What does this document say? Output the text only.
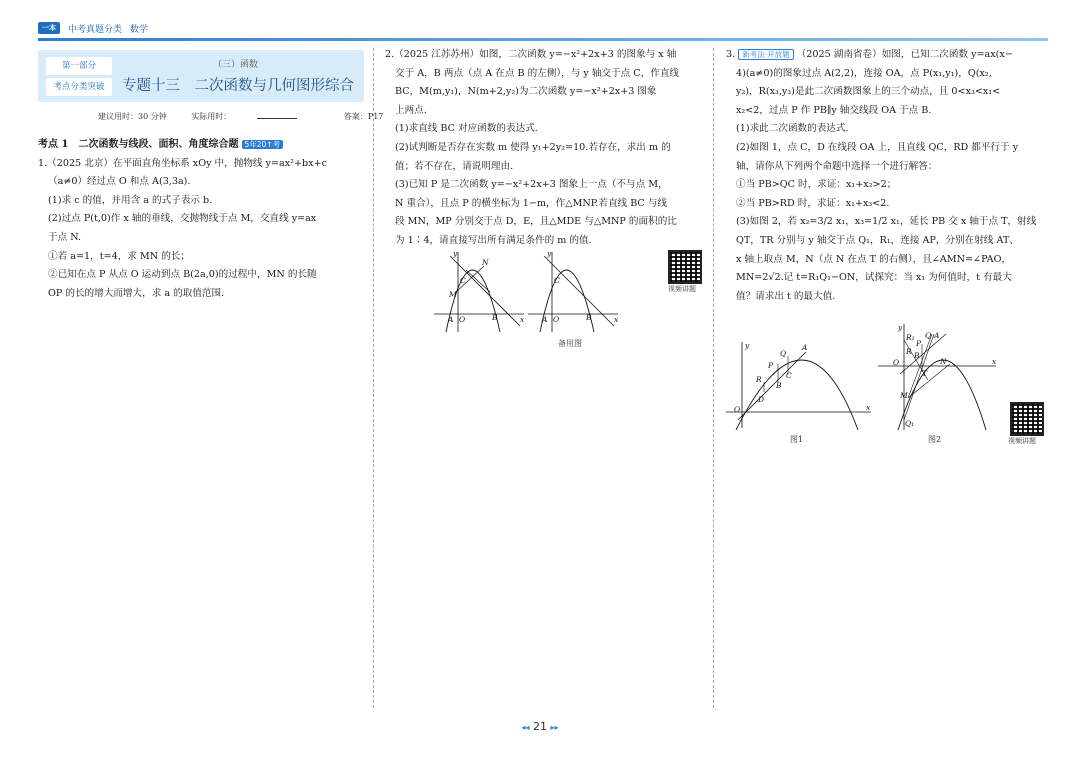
一本	中考真题分类 数学
第一部分
考点分类突破
（三）函数
专题十三　二次函数与几何图形综合
建议用时：30 分钟	实际用时：	答案：P17

考点 1　二次函数与线段、面积、角度综合题 5年20↑考

1.（2025 北京）在平面直角坐标系 xOy 中，抛物线 y=ax²+bx+c

（a≠0）经过点 O 和点 A(3,3a).

(1)求 c 的值，并用含 a 的式子表示 b.

(2)过点 P(t,0)作 x 轴的垂线，交抛物线于点 M，交直线 y=ax

于点 N.

①若 a=1，t=4，求 MN 的长；

②已知在点 P 从点 O 运动到点 B(2a,0)的过程中，MN 的长随

OP 的长的增大而增大，求 a 的取值范围.

2.（2025 江苏苏州）如图，二次函数 y=−x²+2x+3 的图象与 x 轴

交于 A，B 两点（点 A 在点 B 的左侧），与 y 轴交于点 C，作直线

BC，M(m,y₁)，N(m+2,y₂)为二次函数 y=−x²+2x+3 图象

上两点.

(1)求直线 BC 对应函数的表达式.

(2)试判断是否存在实数 m 使得 y₁+2y₂=10.若存在，求出 m 的

值；若不存在，请说明理由.

(3)已知 P 是二次函数 y=−x²+2x+3 图象上一点（不与点 M，

N 重合），且点 P 的横坐标为 1−m，作△MNP.若直线 BC 与线

段 MN，MP 分别交于点 D，E，且△MDE 与△MNP 的面积的比

为 1∶4，请直接写出所有满足条件的 m 的值.

y
x
N
C
M
A O	B
y
x
C
A O	B
备用图
视频讲题

3. 新考法·开放题 （2025 湖南省卷）如图，已知二次函数 y=ax(x−

4)(a≠0)的图象过点 A(2,2)，连接 OA，点 P(x₁,y₁)，Q(x₂,

y₂)，R(x₃,y₃)是此二次函数图象上的三个动点，且 0<x₃<x₁<

x₂<2，过点 P 作 PB∥y 轴交线段 OA 于点 B.

(1)求此二次函数的表达式.

(2)如图 1，点 C，D 在线段 OA 上，且直线 QC，RD 都平行于 y

轴，请你从下列两个命题中选择一个进行解答：

①当 PB>QC 时，求证：x₁+x₂>2；

②当 PB>RD 时，求证：x₁+x₃<2.

(3)如图 2，若 x₂=3/2 x₁，x₃=1/2 x₁，延长 PB 交 x 轴于点 T，射线

QT，TR 分别与 y 轴交于点 Q₁，R₁，连接 AP，分别在射线 AT、

x 轴上取点 M，N（点 N 在点 T 的右侧），且∠AMN=∠PAO，

MN=2√2.记 t=R₁Q₁−ON，试探究：当 x₁ 为何值时，t 有最大

值？请求出 t 的最大值.

y
x
O
Q
A
P
R
B
C
D
图1
y
x
O
R₁
R
P
Q A
B
N
T
M
Q₁
图2	视频讲题
◂◂ 21 ▸▸
